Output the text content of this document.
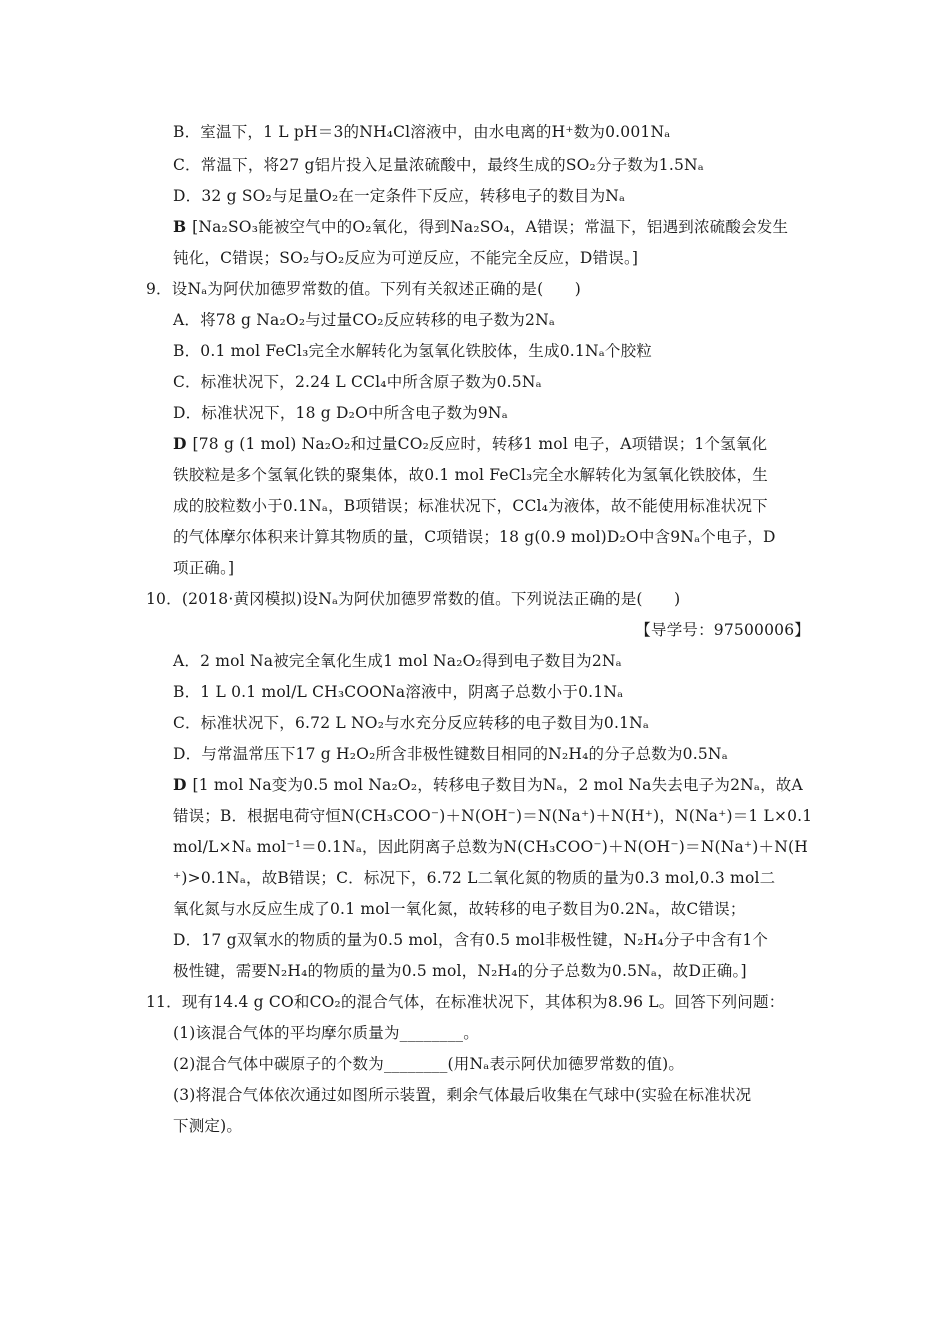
B．室温下，1 L pH＝3的NH₄Cl溶液中，由水电离的H⁺数为0.001Nₐ
C．常温下，将27 g铝片投入足量浓硫酸中，最终生成的SO₂分子数为1.5Nₐ
D．32 g SO₂与足量O₂在一定条件下反应，转移电子的数目为Nₐ
B [Na₂SO₃能被空气中的O₂氧化，得到Na₂SO₄，A错误；常温下，铝遇到浓硫酸会发生
钝化，C错误；SO₂与O₂反应为可逆反应，不能完全反应，D错误。]
9．设Nₐ为阿伏加德罗常数的值。下列有关叙述正确的是(　　)
A．将78 g Na₂O₂与过量CO₂反应转移的电子数为2Nₐ
B．0.1 mol FeCl₃完全水解转化为氢氧化铁胶体，生成0.1Nₐ个胶粒
C．标准状况下，2.24 L CCl₄中所含原子数为0.5Nₐ
D．标准状况下，18 g D₂O中所含电子数为9Nₐ
D [78 g (1 mol) Na₂O₂和过量CO₂反应时，转移1 mol 电子，A项错误；1个氢氧化
铁胶粒是多个氢氧化铁的聚集体，故0.1 mol FeCl₃完全水解转化为氢氧化铁胶体，生
成的胶粒数小于0.1Nₐ，B项错误；标准状况下，CCl₄为液体，故不能使用标准状况下
的气体摩尔体积来计算其物质的量，C项错误；18 g(0.9 mol)D₂O中含9Nₐ个电子，D
项正确。]
10．(2018·黄冈模拟)设Nₐ为阿伏加德罗常数的值。下列说法正确的是(　　)
【导学号：97500006】
A．2 mol Na被完全氧化生成1 mol Na₂O₂得到电子数目为2Nₐ
B．1 L 0.1 mol/L CH₃COONa溶液中，阴离子总数小于0.1Nₐ
C．标准状况下，6.72 L NO₂与水充分反应转移的电子数目为0.1Nₐ
D．与常温常压下17 g H₂O₂所含非极性键数目相同的N₂H₄的分子总数为0.5Nₐ
D [1 mol Na变为0.5 mol Na₂O₂，转移电子数目为Nₐ，2 mol Na失去电子为2Nₐ，故A
错误；B．根据电荷守恒N(CH₃COO⁻)＋N(OH⁻)＝N(Na⁺)＋N(H⁺)，N(Na⁺)＝1 L×0.1
mol/L×Nₐ mol⁻¹＝0.1Nₐ，因此阴离子总数为N(CH₃COO⁻)＋N(OH⁻)＝N(Na⁺)＋N(H
⁺)>0.1Nₐ，故B错误；C．标况下，6.72 L二氧化氮的物质的量为0.3 mol,0.3 mol二
氧化氮与水反应生成了0.1 mol一氧化氮，故转移的电子数目为0.2Nₐ，故C错误；
D．17 g双氧水的物质的量为0.5 mol，含有0.5 mol非极性键，N₂H₄分子中含有1个
极性键，需要N₂H₄的物质的量为0.5 mol，N₂H₄的分子总数为0.5Nₐ，故D正确。]
11．现有14.4 g CO和CO₂的混合气体，在标准状况下，其体积为8.96 L。回答下列问题：
(1)该混合气体的平均摩尔质量为________。
(2)混合气体中碳原子的个数为________(用Nₐ表示阿伏加德罗常数的值)。
(3)将混合气体依次通过如图所示装置，剩余气体最后收集在气球中(实验在标准状况
下测定)。
